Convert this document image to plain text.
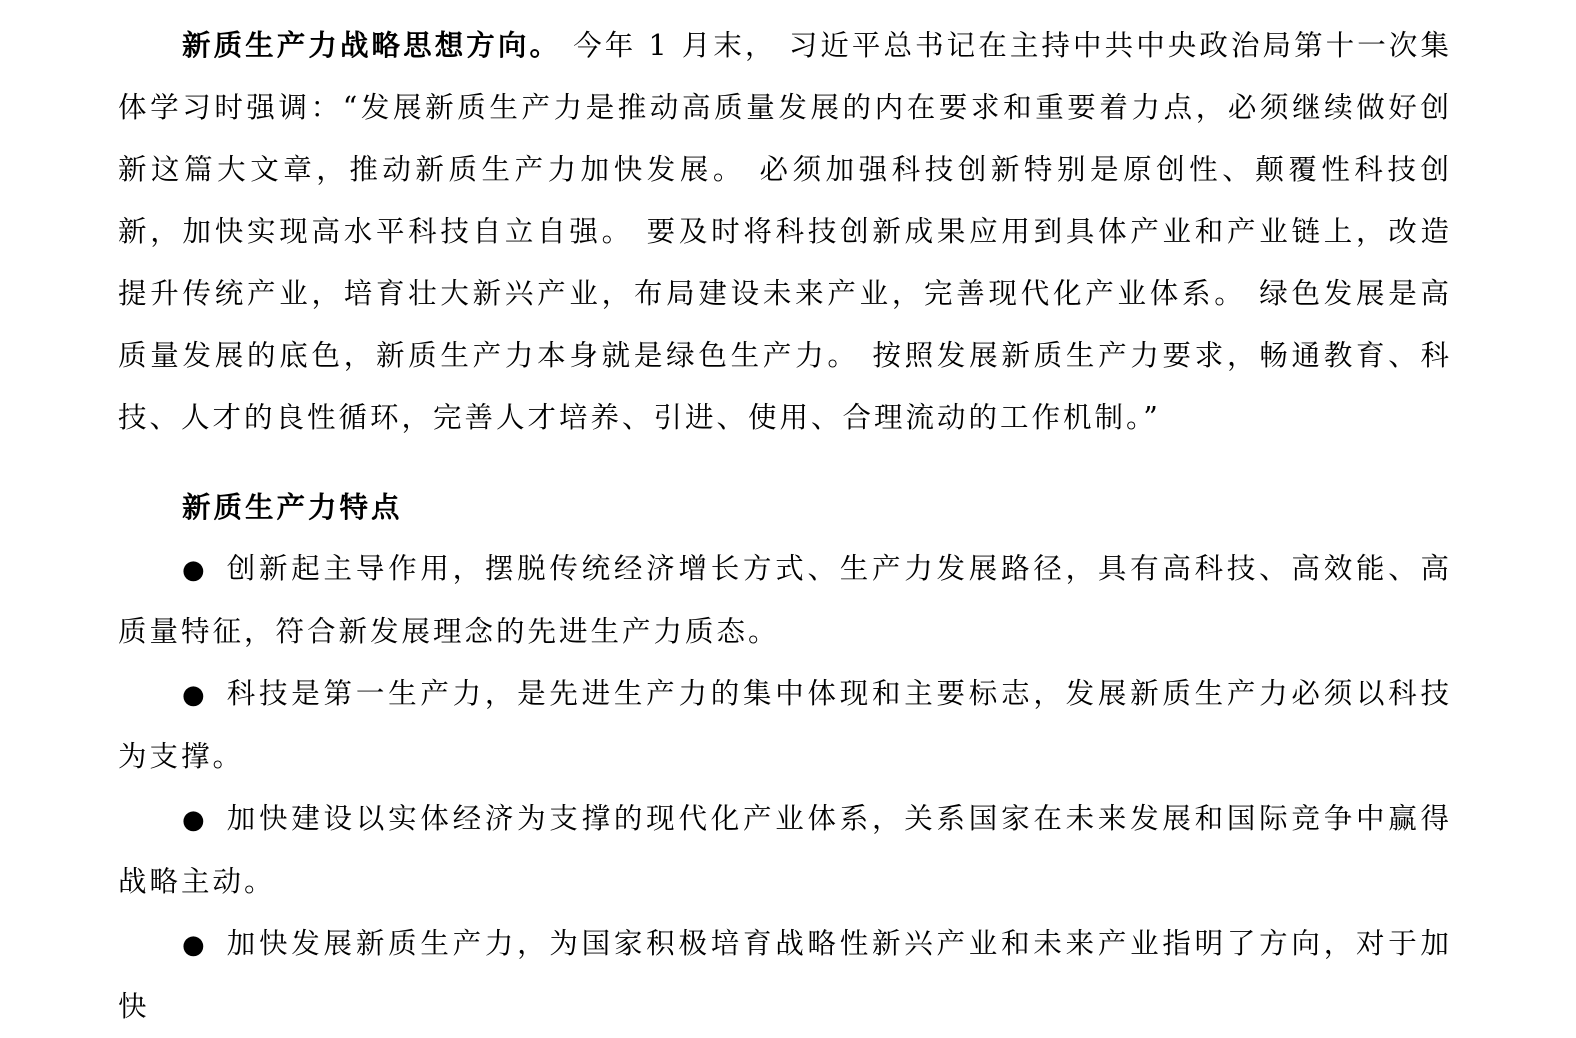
新质生产力战略思想方向。 今年 1 月末， 习近平总书记在主持中共中央政治局第十一次集体学习时强调：“发展新质生产力是推动高质量发展的内在要求和重要着力点，必须继续做好创新这篇大文章，推动新质生产力加快发展。 必须加强科技创新特别是原创性、颠覆性科技创新，加快实现高水平科技自立自强。 要及时将科技创新成果应用到具体产业和产业链上，改造提升传统产业，培育壮大新兴产业，布局建设未来产业，完善现代化产业体系。 绿色发展是高质量发展的底色，新质生产力本身就是绿色生产力。 按照发展新质生产力要求，畅通教育、科技、人才的良性循环，完善人才培养、引进、使用、合理流动的工作机制。”

新质生产力特点

● 创新起主导作用，摆脱传统经济增长方式、生产力发展路径，具有高科技、高效能、高质量特征，符合新发展理念的先进生产力质态。

● 科技是第一生产力，是先进生产力的集中体现和主要标志，发展新质生产力必须以科技为支撑。

● 加快建设以实体经济为支撑的现代化产业体系，关系国家在未来发展和国际竞争中赢得战略主动。

● 加快发展新质生产力，为国家积极培育战略性新兴产业和未来产业指明了方向，对于加快
